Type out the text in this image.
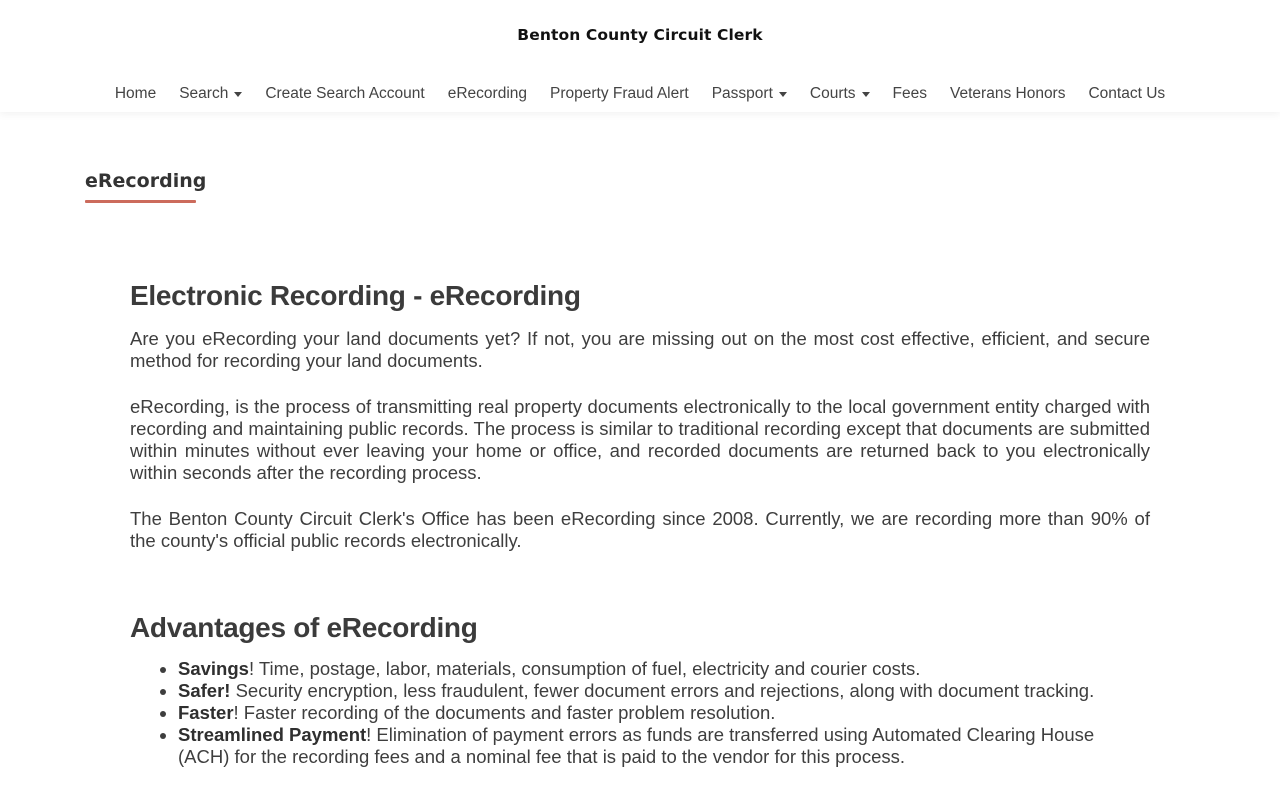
Benton County Circuit Clerk
Home Search Create Search Account eRecording Property Fraud Alert Passport Courts Fees Veterans Honors Contact Us
eRecording
Electronic Recording - eRecording

Are you eRecording your land documents yet? If not, you are missing out on the most cost effective, efficient, and secure method for recording your land documents.

eRecording, is the process of transmitting real property documents electronically to the local government entity charged with recording and maintaining public records. The process is similar to traditional recording except that documents are submitted within minutes without ever leaving your home or office, and recorded documents are returned back to you electronically within seconds after the recording process.

The Benton County Circuit Clerk's Office has been eRecording since 2008. Currently, we are recording more than 90% of the county's official public records electronically.

Advantages of eRecording
• Savings! Time, postage, labor, materials, consumption of fuel, electricity and courier costs.
• Safer! Security encryption, less fraudulent, fewer document errors and rejections, along with document tracking.
• Faster! Faster recording of the documents and faster problem resolution.
• Streamlined Payment! Elimination of payment errors as funds are transferred using Automated Clearing House (ACH) for the recording fees and a nominal fee that is paid to the vendor for this process.
